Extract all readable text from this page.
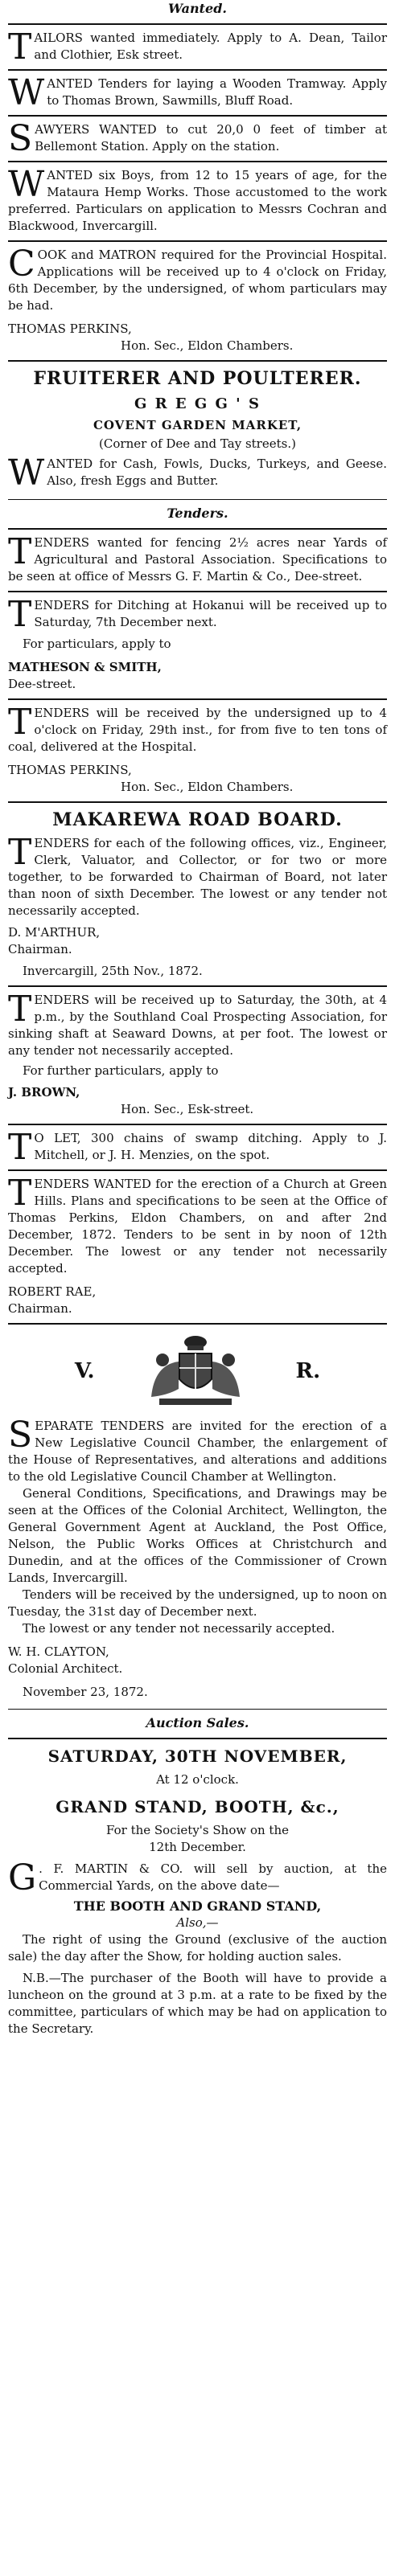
Wanted.

TAILORS wanted immediately. Apply to A. Dean, Tailor and Clothier, Esk street.

WANTED Tenders for laying a Wooden Tramway. Apply to Thomas Brown, Sawmills, Bluff Road.

SAWYERS WANTED to cut 20,0 0 feet of timber at Bellemont Station. Apply on the station.

WANTED six Boys, from 12 to 15 years of age, for the Mataura Hemp Works. Those accustomed to the work preferred. Particulars on application to Messrs Cochran and Blackwood, Invercargill.

COOK and MATRON required for the Provincial Hospital. Applications will be received up to 4 o'clock on Friday, 6th December, by the undersigned, of whom particulars may be had.

THOMAS PERKINS,

Hon. Sec., Eldon Chambers.

FRUITERER AND POULTERER.
G R E G G ' S
COVENT GARDEN MARKET,
(Corner of Dee and Tay streets.)

WANTED for Cash, Fowls, Ducks, Turkeys, and Geese. Also, fresh Eggs and Butter.

Tenders.

TENDERS wanted for fencing 2½ acres near Yards of Agricultural and Pastoral Association. Specifications to be seen at office of Messrs G. F. Martin & Co., Dee-street.

TENDERS for Ditching at Hokanui will be received up to Saturday, 7th December next.

For particulars, apply to

MATHESON & SMITH,

Dee-street.

TENDERS will be received by the undersigned up to 4 o'clock on Friday, 29th inst., for from five to ten tons of coal, delivered at the Hospital.

THOMAS PERKINS,

Hon. Sec., Eldon Chambers.

MAKAREWA ROAD BOARD.

TENDERS for each of the following offices, viz., Engineer, Clerk, Valuator, and Collector, or for two or more together, to be forwarded to Chairman of Board, not later than noon of sixth December. The lowest or any tender not necessarily accepted.

D. M'ARTHUR,

Chairman.

Invercargill, 25th Nov., 1872.

TENDERS will be received up to Saturday, the 30th, at 4 p.m., by the Southland Coal Prospecting Association, for sinking shaft at Seaward Downs, at per foot. The lowest or any tender not necessarily accepted.

For further particulars, apply to

J. BROWN,

Hon. Sec., Esk-street.

T O LET, 300 chains of swamp ditching. Apply to J. Mitchell, or J. H. Menzies, on the spot.

TENDERS WANTED for the erection of a Church at Green Hills. Plans and specifications to be seen at the Office of Thomas Perkins, Eldon Chambers, on and after 2nd December, 1872. Tenders to be sent in by noon of 12th December. The lowest or any tender not necessarily accepted.

ROBERT RAE,

Chairman.

V.	R.

SEPARATE TENDERS are invited for the erection of a New Legislative Council Chamber, the enlargement of the House of Representatives, and alterations and additions to the old Legislative Council Chamber at Wellington.

General Conditions, Specifications, and Drawings may be seen at the Offices of the Colonial Architect, Wellington, the General Government Agent at Auckland, the Post Office, Nelson, the Public Works Offices at Christchurch and Dunedin, and at the offices of the Commissioner of Crown Lands, Invercargill.

Tenders will be received by the undersigned, up to noon on Tuesday, the 31st day of December next.

The lowest or any tender not necessarily accepted.

W. H. CLAYTON,

Colonial Architect.

November 23, 1872.

Auction Sales.
SATURDAY, 30TH NOVEMBER,
At 12 o'clock.
GRAND STAND, BOOTH, &c.,
For the Society's Show on the
12th December.

G . F. MARTIN & CO. will sell by auction, at the Commercial Yards, on the above date—

THE BOOTH AND GRAND STAND,
Also,—

The right of using the Ground (exclusive of the auction sale) the day after the Show, for holding auction sales.

N.B.—The purchaser of the Booth will have to provide a luncheon on the ground at 3 p.m. at a rate to be fixed by the committee, particulars of which may be had on application to the Secretary.
